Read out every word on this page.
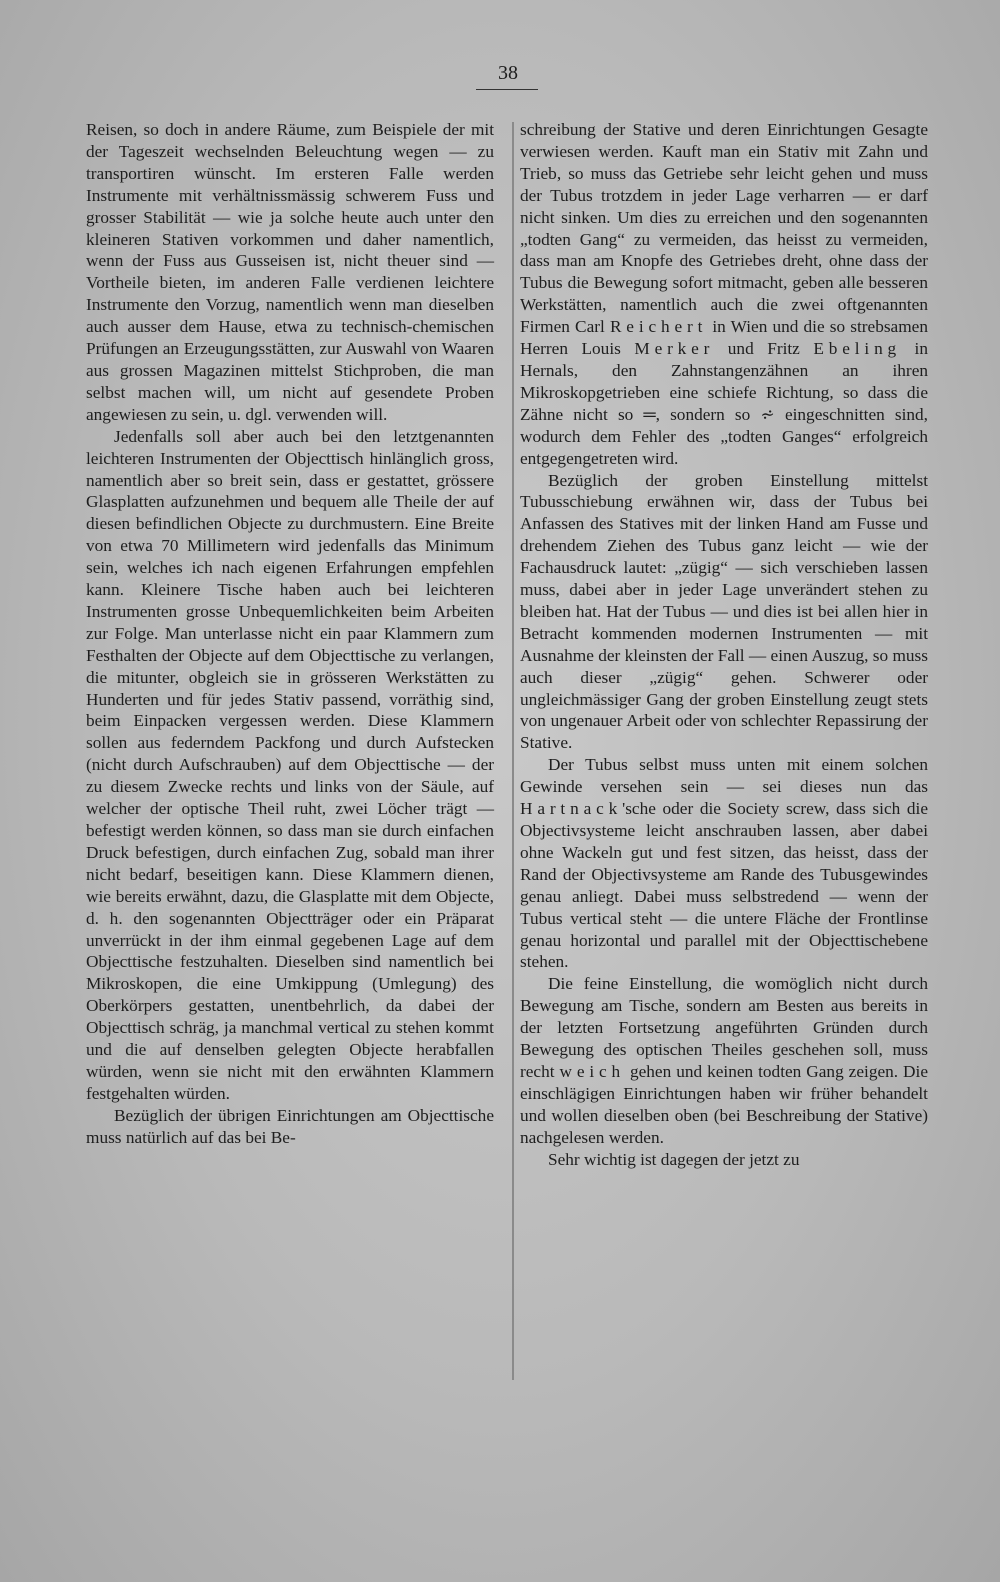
38

Reisen, so doch in andere Räume, zum Beispiele der mit der Tageszeit wechselnden Beleuchtung wegen — zu transportiren wünscht. Im ersteren Falle werden Instrumente mit verhältnissmässig schwerem Fuss und grosser Stabilität — wie ja solche heute auch unter den kleineren Stativen vorkommen und daher namentlich, wenn der Fuss aus Gusseisen ist, nicht theuer sind — Vortheile bieten, im anderen Falle verdienen leichtere Instrumente den Vorzug, namentlich wenn man dieselben auch ausser dem Hause, etwa zu technisch-chemischen Prüfungen an Erzeugungsstätten, zur Auswahl von Waaren aus grossen Magazinen mittelst Stichproben, die man selbst machen will, um nicht auf gesendete Proben angewiesen zu sein, u. dgl. verwenden will.

Jedenfalls soll aber auch bei den letztgenannten leichteren Instrumenten der Objecttisch hinlänglich gross, namentlich aber so breit sein, dass er gestattet, grössere Glasplatten aufzunehmen und bequem alle Theile der auf diesen befindlichen Objecte zu durchmustern. Eine Breite von etwa 70 Millimetern wird jedenfalls das Minimum sein, welches ich nach eigenen Erfahrungen empfehlen kann. Kleinere Tische haben auch bei leichteren Instrumenten grosse Unbequemlichkeiten beim Arbeiten zur Folge. Man unterlasse nicht ein paar Klammern zum Festhalten der Objecte auf dem Objecttische zu verlangen, die mitunter, obgleich sie in grösseren Werkstätten zu Hunderten und für jedes Stativ passend, vorräthig sind, beim Einpacken vergessen werden. Diese Klammern sollen aus federndem Packfong und durch Aufstecken (nicht durch Aufschrauben) auf dem Objecttische — der zu diesem Zwecke rechts und links von der Säule, auf welcher der optische Theil ruht, zwei Löcher trägt — befestigt werden können, so dass man sie durch einfachen Druck befestigen, durch einfachen Zug, sobald man ihrer nicht bedarf, beseitigen kann. Diese Klammern dienen, wie bereits erwähnt, dazu, die Glasplatte mit dem Objecte, d. h. den sogenannten Objectträger oder ein Präparat unverrückt in der ihm einmal gegebenen Lage auf dem Objecttische festzuhalten. Dieselben sind namentlich bei Mikroskopen, die eine Umkippung (Umlegung) des Oberkörpers gestatten, unentbehrlich, da dabei der Objecttisch schräg, ja manchmal vertical zu stehen kommt und die auf denselben gelegten Objecte herabfallen würden, wenn sie nicht mit den erwähnten Klammern festgehalten würden.

Bezüglich der übrigen Einrichtungen am Objecttische muss natürlich auf das bei Be-

schreibung der Stative und deren Einrichtungen Gesagte verwiesen werden. Kauft man ein Stativ mit Zahn und Trieb, so muss das Getriebe sehr leicht gehen und muss der Tubus trotzdem in jeder Lage verharren — er darf nicht sinken. Um dies zu erreichen und den sogenannten „todten Gang“ zu vermeiden, das heisst zu vermeiden, dass man am Knopfe des Getriebes dreht, ohne dass der Tubus die Bewegung sofort mitmacht, geben alle besseren Werkstätten, namentlich auch die zwei oftgenannten Firmen Carl Reichert in Wien und die so strebsamen Herren Louis Merker und Fritz Ebeling in Hernals, den Zahnstangenzähnen an ihren Mikroskopgetrieben eine schiefe Richtung, so dass die Zähne nicht so ═, sondern so ⩫ eingeschnitten sind, wodurch dem Fehler des „todten Ganges“ erfolgreich entgegengetreten wird.

Bezüglich der groben Einstellung mittelst Tubusschiebung erwähnen wir, dass der Tubus bei Anfassen des Statives mit der linken Hand am Fusse und drehendem Ziehen des Tubus ganz leicht — wie der Fachausdruck lautet: „zügig“ — sich verschieben lassen muss, dabei aber in jeder Lage unverändert stehen zu bleiben hat. Hat der Tubus — und dies ist bei allen hier in Betracht kommenden modernen Instrumenten — mit Ausnahme der kleinsten der Fall — einen Auszug, so muss auch dieser „zügig“ gehen. Schwerer oder ungleichmässiger Gang der groben Einstellung zeugt stets von ungenauer Arbeit oder von schlechter Repassirung der Stative.

Der Tubus selbst muss unten mit einem solchen Gewinde versehen sein — sei dieses nun das Hartnack'sche oder die Society screw, dass sich die Objectivsysteme leicht anschrauben lassen, aber dabei ohne Wackeln gut und fest sitzen, das heisst, dass der Rand der Objectivsysteme am Rande des Tubusgewindes genau anliegt. Dabei muss selbstredend — wenn der Tubus vertical steht — die untere Fläche der Frontlinse genau horizontal und parallel mit der Objecttischebene stehen.

Die feine Einstellung, die womöglich nicht durch Bewegung am Tische, sondern am Besten aus bereits in der letzten Fortsetzung angeführten Gründen durch Bewegung des optischen Theiles geschehen soll, muss recht weich gehen und keinen todten Gang zeigen. Die einschlägigen Einrichtungen haben wir früher behandelt und wollen dieselben oben (bei Beschreibung der Stative) nachgelesen werden.

Sehr wichtig ist dagegen der jetzt zu
